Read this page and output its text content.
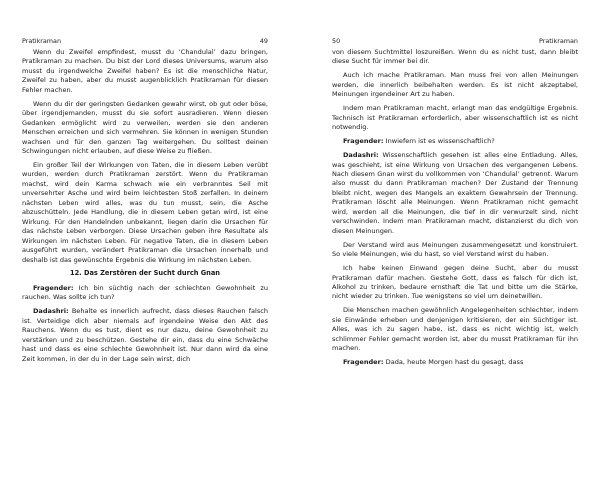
Pratikraman	49

Wenn du Zweifel empfindest, musst du ‘Chandulal’ dazu bringen, Pratikraman zu machen. Du bist der Lord dieses Universums, warum also musst du irgendwelche Zweifel haben? Es ist die menschliche Natur, Zweifel zu haben, aber du musst augenblicklich Pratikraman für diesen Fehler machen.

Wenn du dir der geringsten Gedanken gewahr wirst, ob gut oder böse, über irgendjemanden, musst du sie sofort ausradieren. Wenn diesen Gedanken ermöglicht wird zu verweilen, werden sie den anderen Menschen erreichen und sich vermehren. Sie können in wenigen Stunden wachsen und für den ganzen Tag weitergehen. Du solltest deinen Schwingungen nicht erlauben, auf diese Weise zu fließen.

Ein großer Teil der Wirkungen von Taten, die in diesem Leben verübt wurden, werden durch Pratikraman zerstört. Wenn du Pratikraman machst, wird dein Karma schwach wie ein verbranntes Seil mit unversehrter Asche und wird beim leichtesten Stoß zerfallen. In deinem nächsten Leben wird alles, was du tun musst, sein, die Asche abzuschütteln. Jede Handlung, die in diesem Leben getan wird, ist eine Wirkung. Für den Handelnden unbekannt, liegen darin die Ursachen für das nächste Leben verborgen. Diese Ursachen geben ihre Resultate als Wirkungen im nächsten Leben. Für negative Taten, die in diesem Leben ausgeführt wurden, verändert Pratikraman die Ursachen innerhalb und deshalb ist das gewünschte Ergebnis die Wirkung im nächsten Leben.

12. Das Zerstören der Sucht durch Gnan

Fragender: Ich bin süchtig nach der schlechten Gewohnheit zu rauchen. Was sollte ich tun?

Dadashri: Behalte es innerlich aufrecht, dass dieses Rauchen falsch ist. Verteidige dich aber niemals auf irgendeine Weise den Akt des Rauchens. Wenn du es tust, dient es nur dazu, deine Gewohnheit zu verstärken und zu beschützen. Gestehe dir ein, dass du eine Schwäche hast und dass es eine schlechte Gewohnheit ist. Nur dann wird da eine Zeit kommen, in der du in der Lage sein wirst, dich

50	Pratikraman

von diesem Suchtmittel loszureißen. Wenn du es nicht tust, dann bleibt diese Sucht für immer bei dir.

Auch ich mache Pratikraman. Man muss frei von allen Meinungen werden, die innerlich beibehalten werden. Es ist nicht akzeptabel, Meinungen irgendeiner Art zu haben.

Indem man Pratikraman macht, erlangt man das endgültige Ergebnis. Technisch ist Pratikraman erforderlich, aber wissenschaftlich ist es nicht notwendig.

Fragender: Inwiefern ist es wissenschaftlich?

Dadashri: Wissenschaftlich gesehen ist alles eine Entladung. Alles, was geschieht, ist eine Wirkung von Ursachen des vergangenen Lebens. Nach diesem Gnan wirst du vollkommen von ‘Chandulal’ getrennt. Warum also musst du dann Pratikraman machen? Der Zustand der Trennung bleibt nicht, wegen des Mangels an exaktem Gewahrsein der Trennung. Pratikraman löscht alle Meinungen. Wenn Pratikraman nicht gemacht wird, werden all die Meinungen, die tief in dir verwurzelt sind, nicht verschwinden. Indem man Pratikraman macht, distanzierst du dich von diesen Meinungen.

Der Verstand wird aus Meinungen zusammengesetzt und konstruiert. So viele Meinungen, wie du hast, so viel Verstand wirst du haben.

Ich habe keinen Einwand gegen deine Sucht, aber du musst Pratikraman dafür machen. Gestehe Gott, dass es falsch für dich ist, Alkohol zu trinken, bedaure ernsthaft die Tat und bitte um die Stärke, nicht wieder zu trinken. Tue wenigstens so viel um deinetwillen.

Die Menschen machen gewöhnlich Angelegenheiten schlechter, indem sie Einwände erheben und denjenigen kritisieren, der ein Süchtiger ist. Alles, was ich zu sagen habe, ist, dass es nicht wichtig ist, welch schlimmer Fehler gemacht worden ist, aber du musst Pratikraman für ihn machen.

Fragender: Dada, heute Morgen hast du gesagt, dass
